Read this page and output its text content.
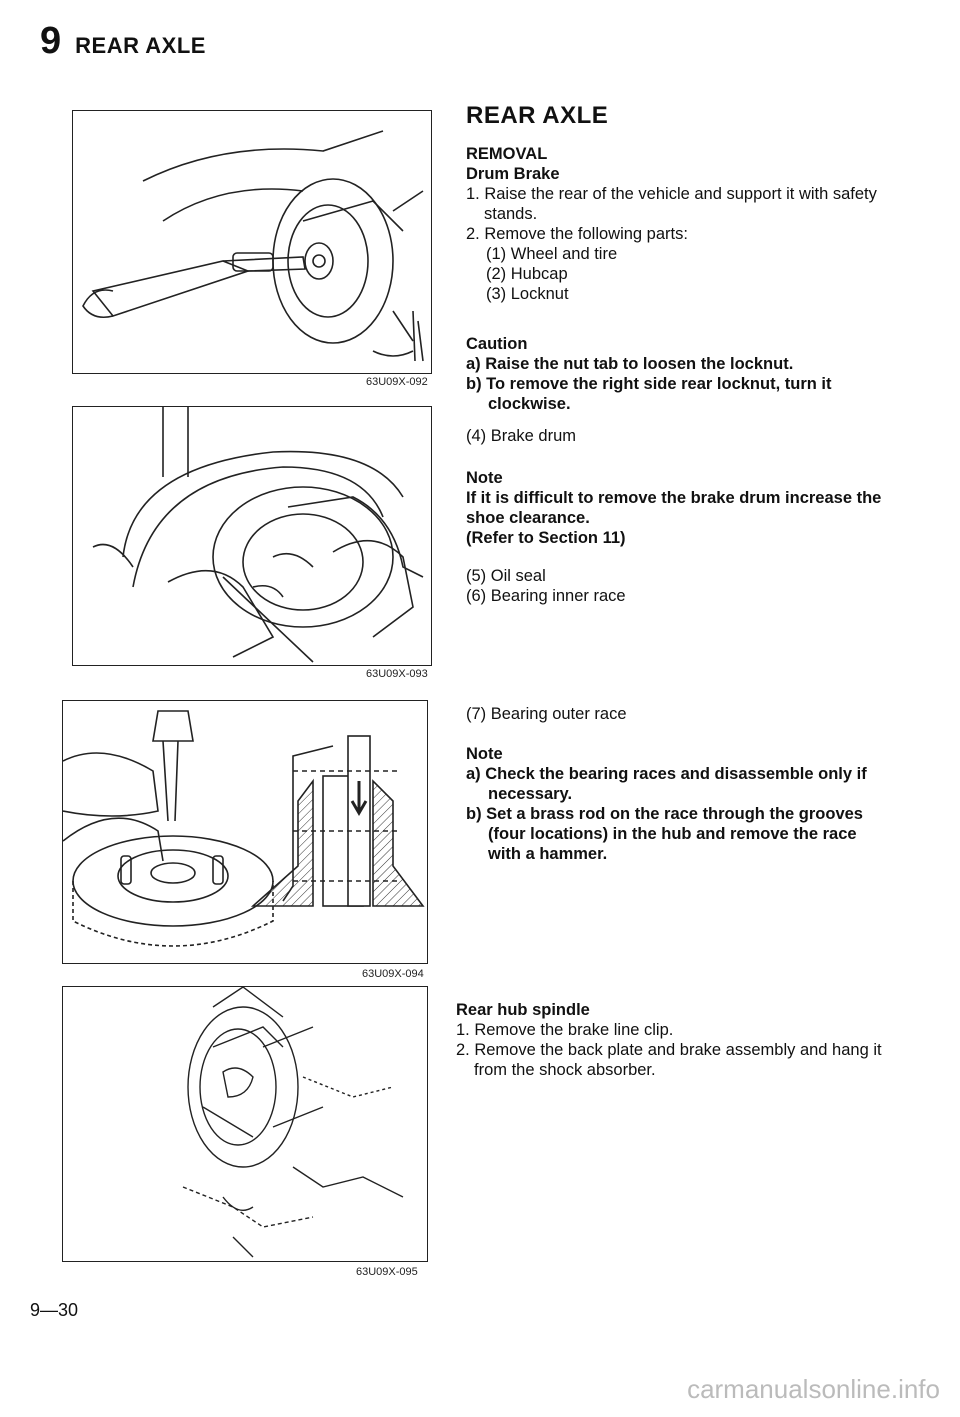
9 REAR AXLE
63U09X-092
63U09X-093
63U09X-094
63U09X-095
REAR AXLE
REMOVAL
Drum Brake
1. Raise the rear of the vehicle and support it with safety stands.
2. Remove the following parts:
(1) Wheel and tire
(2) Hubcap
(3) Locknut
Caution
a) Raise the nut tab to loosen the locknut.
b) To remove the right side rear locknut, turn it clockwise.
(4) Brake drum
Note
If it is difficult to remove the brake drum increase the shoe clearance.
(Refer to Section 11)
(5) Oil seal
(6) Bearing inner race
(7) Bearing outer race
Note
a) Check the bearing races and disassemble only if necessary.
b) Set a brass rod on the race through the grooves (four locations) in the hub and remove the race with a hammer.
Rear hub spindle
1. Remove the brake line clip.
2. Remove the back plate and brake assembly and hang it from the shock absorber.
9—30
carmanualsonline.info
